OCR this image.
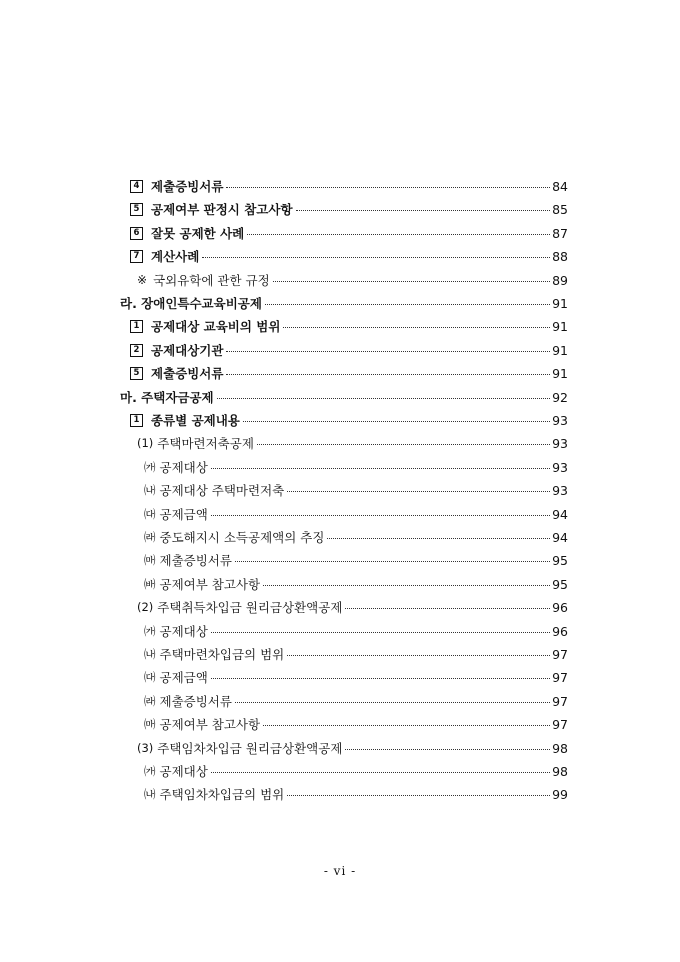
4 제출증빙서류	84
5 공제여부 판정시 참고사항	85
6 잘못 공제한 사례	87
7 계산사례	88
※ 국외유학에 관한 규정	89
라. 장애인특수교육비공제	91
1 공제대상 교육비의 범위	91
2 공제대상기관	91
5 제출증빙서류	91
마. 주택자금공제	92
1 종류별 공제내용	93
(1) 주택마련저축공제	93
㈎ 공제대상	93
㈏ 공제대상 주택마련저축	93
㈐ 공제금액	94
㈑ 중도해지시 소득공제액의 추징	94
㈒ 제출증빙서류	95
㈓ 공제여부 참고사항	95
(2) 주택취득차입금 원리금상환액공제	96
㈎ 공제대상	96
㈏ 주택마련차입금의 범위	97
㈐ 공제금액	97
㈑ 제출증빙서류	97
㈒ 공제여부 참고사항	97
(3) 주택임차차입금 원리금상환액공제	98
㈎ 공제대상	98
㈏ 주택임차차입금의 범위	99
- vi -
